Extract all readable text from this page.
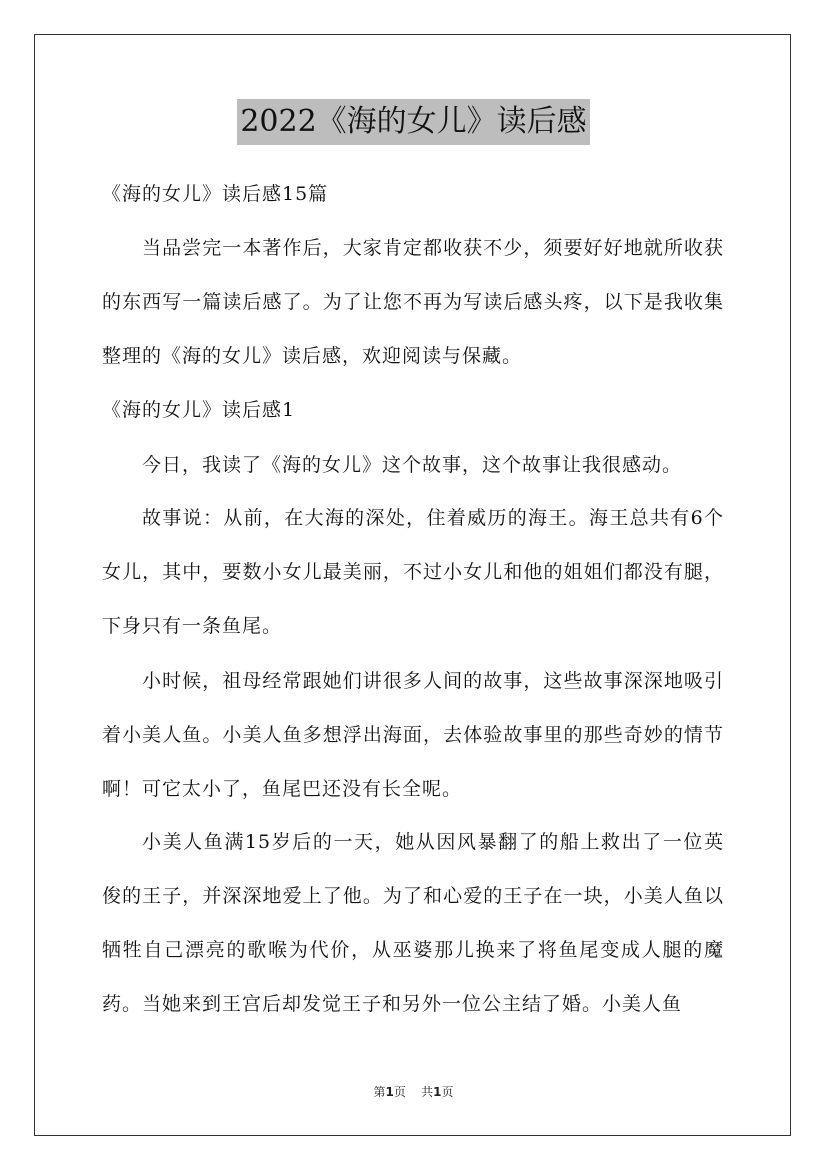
2022《海的女儿》读后感

《海的女儿》读后感15篇

当品尝完一本著作后，大家肯定都收获不少，须要好好地就所收获的东西写一篇读后感了。为了让您不再为写读后感头疼，以下是我收集整理的《海的女儿》读后感，欢迎阅读与保藏。

《海的女儿》读后感1

今日，我读了《海的女儿》这个故事，这个故事让我很感动。

故事说：从前，在大海的深处，住着威历的海王。海王总共有6个女儿，其中，要数小女儿最美丽，不过小女儿和他的姐姐们都没有腿，下身只有一条鱼尾。

小时候，祖母经常跟她们讲很多人间的故事，这些故事深深地吸引着小美人鱼。小美人鱼多想浮出海面，去体验故事里的那些奇妙的情节啊！可它太小了，鱼尾巴还没有长全呢。

小美人鱼满15岁后的一天，她从因风暴翻了的船上救出了一位英俊的王子，并深深地爱上了他。为了和心爱的王子在一块，小美人鱼以牺牲自己漂亮的歌喉为代价，从巫婆那儿换来了将鱼尾变成人腿的魔药。当她来到王宫后却发觉王子和另外一位公主结了婚。小美人鱼

第1页 共1页
